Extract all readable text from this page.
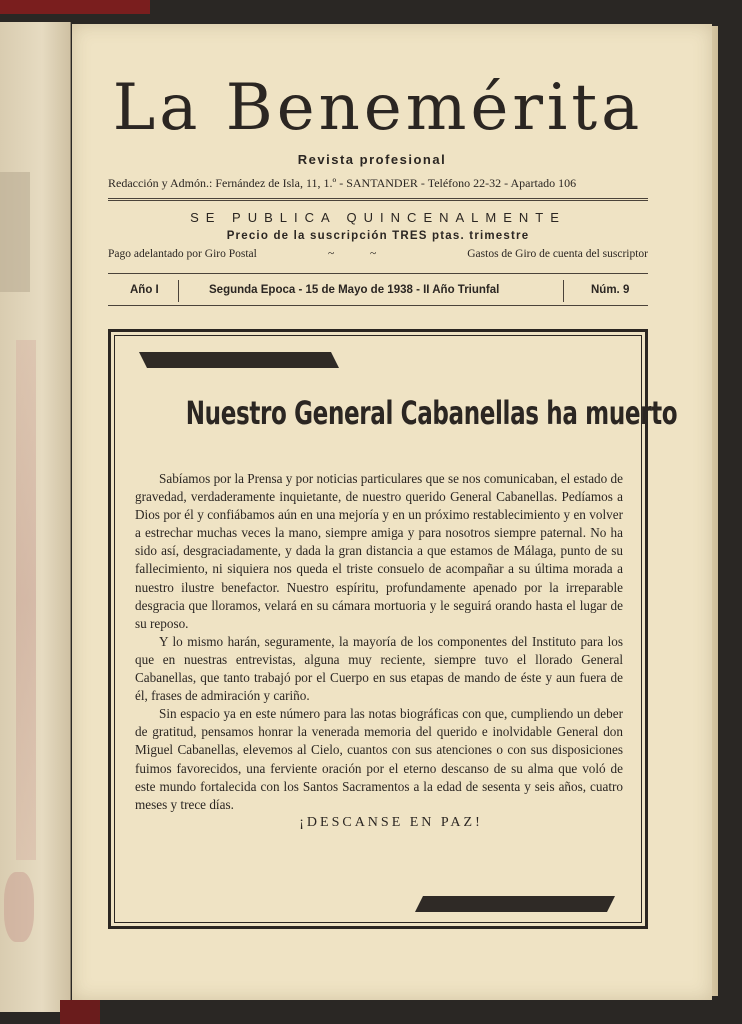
La Benemérita
Revista profesional
Redacción y Admón.: Fernández de Isla, 11, 1.º - SANTANDER - Teléfono 22-32 - Apartado 106
SE PUBLICA QUINCENALMENTE
Precio de la suscripción TRES ptas. trimestre
Pago adelantado por Giro Postal	~	~	Gastos de Giro de cuenta del suscriptor
Año I	Segunda Epoca - 15 de Mayo de 1938 - II Año Triunfal	Núm. 9
Nuestro General Cabanellas ha muerto

Sabíamos por la Prensa y por noticias particulares que se nos comunicaban, el estado de gravedad, verdaderamente inquietante, de nuestro querido General Cabanellas. Pedíamos a Dios por él y confiábamos aún en una mejoría y en un próximo restablecimiento y en volver a estrechar muchas veces la mano, siempre amiga y para nosotros siempre paternal. No ha sido así, desgraciadamente, y dada la gran distancia a que estamos de Málaga, punto de su fallecimiento, ni siquiera nos queda el triste consuelo de acompañar a su última morada a nuestro ilustre benefactor. Nuestro espíritu, profundamente apenado por la irreparable desgracia que lloramos, velará en su cámara mortuoria y le seguirá orando hasta el lugar de su reposo.

Y lo mismo harán, seguramente, la mayoría de los componentes del Instituto para los que en nuestras entrevistas, alguna muy reciente, siempre tuvo el llorado General Cabanellas, que tanto trabajó por el Cuerpo en sus etapas de mando de éste y aun fuera de él, frases de admiración y cariño.

Sin espacio ya en este número para las notas biográficas con que, cumpliendo un deber de gratitud, pensamos honrar la venerada memoria del querido e inolvidable General don Miguel Cabanellas, elevemos al Cielo, cuantos con sus atenciones o con sus disposiciones fuimos favorecidos, una ferviente oración por el eterno descanso de su alma que voló de este mundo fortalecida con los Santos Sacramentos a la edad de sesenta y seis años, cuatro meses y trece días.

¡DESCANSE EN PAZ!
